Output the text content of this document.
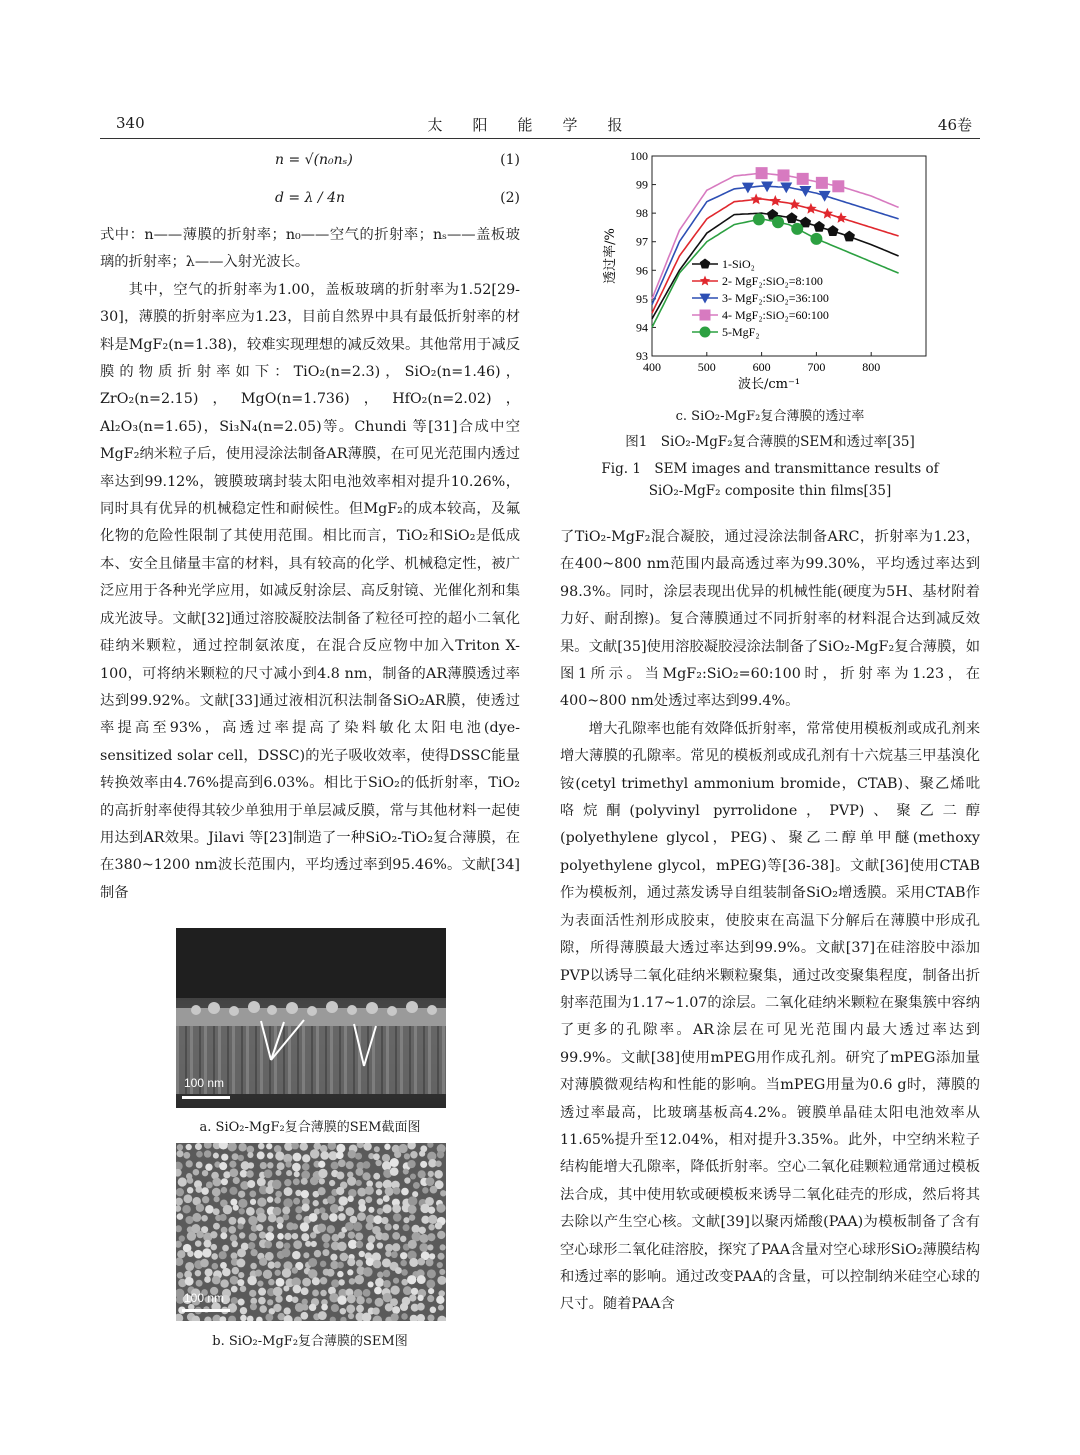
340	太阳能学报	46卷
n = √(n₀nₛ)	(1)
d = λ / 4n	(2)

式中：n——薄膜的折射率；n₀——空气的折射率；nₛ——盖板玻璃的折射率；λ——入射光波长。

其中，空气的折射率为1.00，盖板玻璃的折射率为1.52[29-30]，薄膜的折射率应为1.23，目前自然界中具有最低折射率的材料是MgF₂(n=1.38)，较难实现理想的减反效果。其他常用于减反膜的物质折射率如下：TiO₂(n=2.3)，SiO₂(n=1.46)，ZrO₂(n=2.15)，MgO(n=1.736)，HfO₂(n=2.02)，Al₂O₃(n=1.65)，Si₃N₄(n=2.05)等。Chundi 等[31]合成中空MgF₂纳米粒子后，使用浸涂法制备AR薄膜，在可见光范围内透过率达到99.12%，镀膜玻璃封装太阳电池效率相对提升10.26%，同时具有优异的机械稳定性和耐候性。但MgF₂的成本较高，及氟化物的危险性限制了其使用范围。相比而言，TiO₂和SiO₂是低成本、安全且储量丰富的材料，具有较高的化学、机械稳定性，被广泛应用于各种光学应用，如减反射涂层、高反射镜、光催化剂和集成光波导。文献[32]通过溶胶凝胶法制备了粒径可控的超小二氧化硅纳米颗粒，通过控制氨浓度，在混合反应物中加入Triton X-100，可将纳米颗粒的尺寸减小到4.8 nm，制备的AR薄膜透过率达到99.92%。文献[33]通过液相沉积法制备SiO₂AR膜，使透过率提高至93%，高透过率提高了染料敏化太阳电池(dye-sensitized solar cell，DSSC)的光子吸收效率，使得DSSC能量转换效率由4.76%提高到6.03%。相比于SiO₂的低折射率，TiO₂的高折射率使得其较少单独用于单层减反膜，常与其他材料一起使用达到AR效果。Jilavi 等[23]制造了一种SiO₂-TiO₂复合薄膜，在在380~1200 nm波长范围内，平均透过率到95.46%。文献[34]制备

了TiO₂-MgF₂混合凝胶，通过浸涂法制备ARC，折射率为1.23，在400~800 nm范围内最高透过率为99.30%，平均透过率达到98.3%。同时，涂层表现出优异的机械性能(硬度为5H、基材附着力好、耐刮擦)。复合薄膜通过不同折射率的材料混合达到减反效果。文献[35]使用溶胶凝胶浸涂法制备了SiO₂-MgF₂复合薄膜，如图1所示。当MgF₂:SiO₂=60:100时，折射率为1.23，在400~800 nm处透过率达到99.4%。

增大孔隙率也能有效降低折射率，常常使用模板剂或成孔剂来增大薄膜的孔隙率。常见的模板剂或成孔剂有十六烷基三甲基溴化铵(cetyl trimethyl ammonium bromide，CTAB)、聚乙烯吡咯烷酮(polyvinyl pyrrolidone，PVP)、聚乙二醇(polyethylene glycol，PEG)、聚乙二醇单甲醚(methoxy polyethylene glycol，mPEG)等[36-38]。文献[36]使用CTAB作为模板剂，通过蒸发诱导自组装制备SiO₂增透膜。采用CTAB作为表面活性剂形成胶束，使胶束在高温下分解后在薄膜中形成孔隙，所得薄膜最大透过率达到99.9%。文献[37]在硅溶胶中添加PVP以诱导二氧化硅纳米颗粒聚集，通过改变聚集程度，制备出折射率范围为1.17~1.07的涂层。二氧化硅纳米颗粒在聚集簇中容纳了更多的孔隙率。AR涂层在可见光范围内最大透过率达到99.9%。文献[38]使用mPEG用作成孔剂。研究了mPEG添加量对薄膜微观结构和性能的影响。当mPEG用量为0.6 g时，薄膜的透过率最高，比玻璃基板高4.2%。镀膜单晶硅太阳电池效率从11.65%提升至12.04%，相对提升3.35%。此外，中空纳米粒子结构能增大孔隙率，降低折射率。空心二氧化硅颗粒通常通过模板法合成，其中使用软或硬模板来诱导二氧化硅壳的形成，然后将其去除以产生空心核。文献[39]以聚丙烯酸(PAA)为模板制备了含有空心球形二氧化硅溶胶，探究了PAA含量对空心球形SiO₂薄膜结构和透过率的影响。通过改变PAA的含量，可以控制纳米硅空心球的尺寸。随着PAA含

100 nm
a. SiO₂-MgF₂复合薄膜的SEM截面图
100 nm
b. SiO₂-MgF₂复合薄膜的SEM图
400	500	600	700	800
93
94
95
96
97
98
99
100
波长/cm⁻¹
透过率/%	1-SiO₂
2- MgF₂:SiO₂=8:100
3- MgF₂:SiO₂=36:100
4- MgF₂:SiO₂=60:100
5-MgF₂
c. SiO₂-MgF₂复合薄膜的透过率
图1　SiO₂-MgF₂复合薄膜的SEM和透过率[35]
Fig. 1　SEM images and transmittance results of
SiO₂-MgF₂ composite thin films[35]
